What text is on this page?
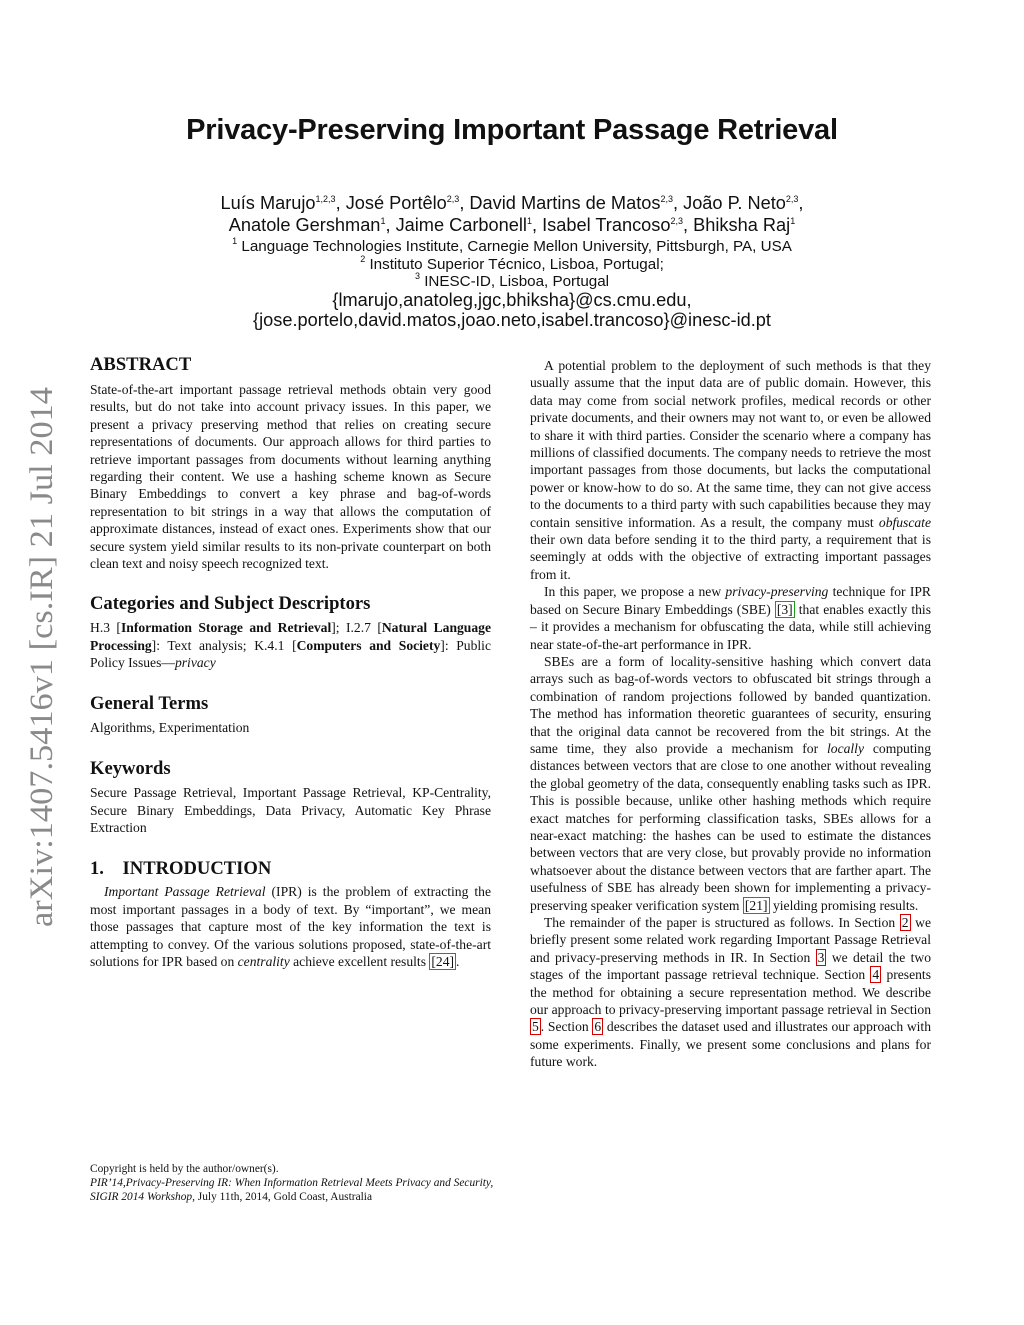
arXiv:1407.5416v1 [cs.IR] 21 Jul 2014
Privacy-Preserving Important Passage Retrieval
Luís Marujo$^{1,2,3}$, José Portêlo$^{2,3}$, David Martins de Matos$^{2,3}$, João P. Neto$^{2,3}$,
Anatole Gershman$^1$, Jaime Carbonell$^1$, Isabel Trancoso$^{2,3}$, Bhiksha Raj$^1$
$^1$ Language Technologies Institute, Carnegie Mellon University, Pittsburgh, PA, USA
$^2$ Instituto Superior Técnico, Lisboa, Portugal;
$^3$ INESC-ID, Lisboa, Portugal
{lmarujo,anatoleg,jgc,bhiksha}@cs.cmu.edu,
{jose.portelo,david.matos,joao.neto,isabel.trancoso}@inesc-id.pt
ABSTRACT

State-of-the-art important passage retrieval methods obtain very good results, but do not take into account privacy issues. In this paper, we present a privacy preserving method that relies on creating secure representations of documents. Our approach allows for third parties to retrieve important passages from documents without learning anything regarding their content. We use a hashing scheme known as Secure Binary Embeddings to convert a key phrase and bag-of-words representation to bit strings in a way that allows the computation of approximate distances, instead of exact ones. Experiments show that our secure system yield similar results to its non-private counterpart on both clean text and noisy speech recognized text.

Categories and Subject Descriptors

H.3 [Information Storage and Retrieval]; I.2.7 [Natural Language Processing]: Text analysis; K.4.1 [Computers and Society]: Public Policy Issues—privacy

General Terms

Algorithms, Experimentation

Keywords

Secure Passage Retrieval, Important Passage Retrieval, KP-Centrality, Secure Binary Embeddings, Data Privacy, Automatic Key Phrase Extraction

1.    INTRODUCTION

Important Passage Retrieval (IPR) is the problem of extracting the most important passages in a body of text. By “important”, we mean those passages that capture most of the key information the text is attempting to convey. Of the various solutions proposed, state-of-the-art solutions for IPR based on centrality achieve excellent results [24] .

Copyright is held by the author/owner(s).
PIR’14,Privacy-Preserving IR: When Information Retrieval Meets Privacy and Security, SIGIR 2014 Workshop, July 11th, 2014, Gold Coast, Australia

A potential problem to the deployment of such methods is that they usually assume that the input data are of public domain. However, this data may come from social network profiles, medical records or other private documents, and their owners may not want to, or even be allowed to share it with third parties. Consider the scenario where a company has millions of classified documents. The company needs to retrieve the most important passages from those documents, but lacks the computational power or know-how to do so. At the same time, they can not give access to the documents to a third party with such capabilities because they may contain sensitive information. As a result, the company must obfuscate their own data before sending it to the third party, a requirement that is seemingly at odds with the objective of extracting important passages from it.

In this paper, we propose a new privacy-preserving technique for IPR based on Secure Binary Embeddings (SBE) [3] that enables exactly this – it provides a mechanism for obfuscating the data, while still achieving near state-of-the-art performance in IPR.

SBEs are a form of locality-sensitive hashing which convert data arrays such as bag-of-words vectors to obfuscated bit strings through a combination of random projections followed by banded quantization. The method has information theoretic guarantees of security, ensuring that the original data cannot be recovered from the bit strings. At the same time, they also provide a mechanism for locally computing distances between vectors that are close to one another without revealing the global geometry of the data, consequently enabling tasks such as IPR. This is possible because, unlike other hashing methods which require exact matches for performing classification tasks, SBEs allows for a near-exact matching: the hashes can be used to estimate the distances between vectors that are very close, but provably provide no information whatsoever about the distance between vectors that are farther apart. The usefulness of SBE has already been shown for implementing a privacy-preserving speaker verification system [21] yielding promising results.

The remainder of the paper is structured as follows. In Section 2 we briefly present some related work regarding Important Passage Retrieval and privacy-preserving methods in IR. In Section 3 we detail the two stages of the important passage retrieval technique. Section 4 presents the method for obtaining a secure representation method. We describe our approach to privacy-preserving important passage retrieval in Section 5 . Section 6 describes the dataset used and illustrates our approach with some experiments. Finally, we present some conclusions and plans for future work.
